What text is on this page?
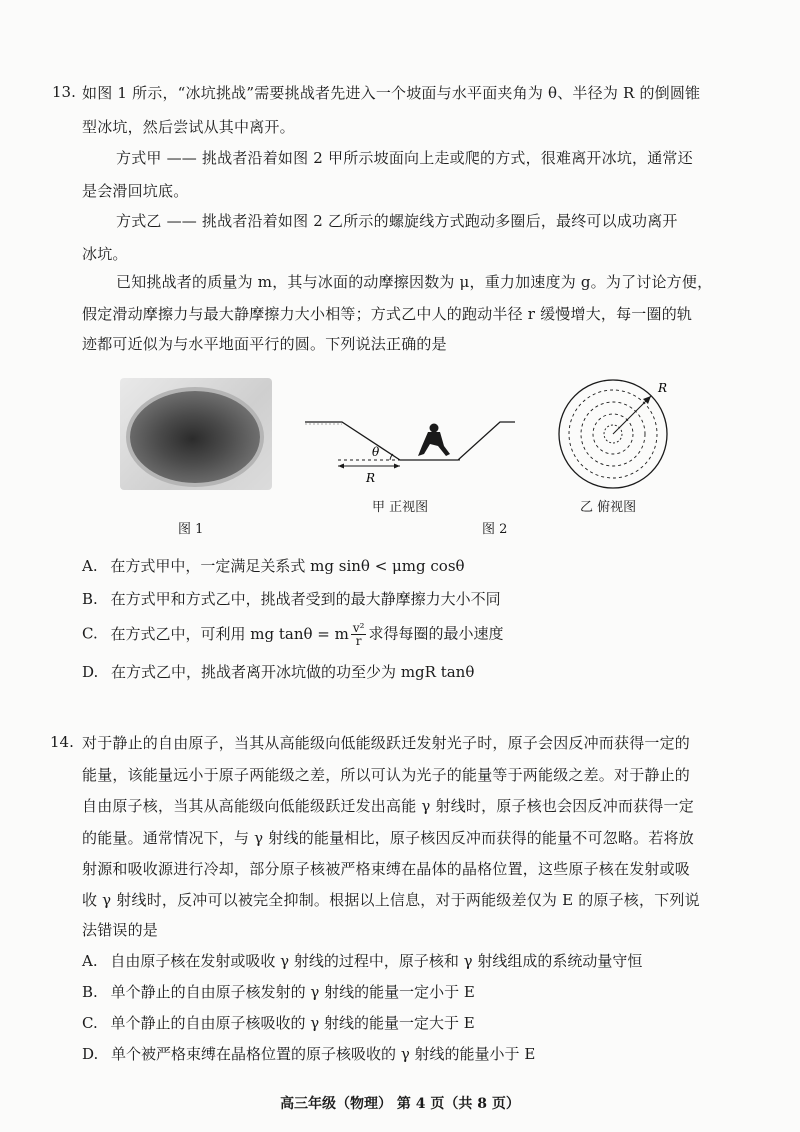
13. 如图 1 所示，“冰坑挑战”需要挑战者先进入一个坡面与水平面夹角为 θ、半径为 R 的倒圆锥
型冰坑，然后尝试从其中离开。
方式甲 —— 挑战者沿着如图 2 甲所示坡面向上走或爬的方式，很难离开冰坑，通常还
是会滑回坑底。
方式乙 —— 挑战者沿着如图 2 乙所示的螺旋线方式跑动多圈后，最终可以成功离开
冰坑。
已知挑战者的质量为 m，其与冰面的动摩擦因数为 μ，重力加速度为 g。为了讨论方便，
假定滑动摩擦力与最大静摩擦力大小相等；方式乙中人的跑动半径 r 缓慢增大，每一圈的轨
迹都可近似为与水平地面平行的圆。下列说法正确的是
图 1
θ
R
甲 正视图
图 2
R
乙 俯视图
A. 在方式甲中，一定满足关系式 mg sinθ < μmg cosθ
B. 在方式甲和方式乙中，挑战者受到的最大静摩擦力大小不同
C. 在方式乙中，可利用 mg tanθ = m $\frac{\text{v²}}{r}$ 求得每圈的最小速度
D. 在方式乙中，挑战者离开冰坑做的功至少为 mgR tanθ
14. 对于静止的自由原子，当其从高能级向低能级跃迁发射光子时，原子会因反冲而获得一定的
能量，该能量远小于原子两能级之差，所以可认为光子的能量等于两能级之差。对于静止的
自由原子核，当其从高能级向低能级跃迁发出高能 γ 射线时，原子核也会因反冲而获得一定
的能量。通常情况下，与 γ 射线的能量相比，原子核因反冲而获得的能量不可忽略。若将放
射源和吸收源进行冷却，部分原子核被严格束缚在晶体的晶格位置，这些原子核在发射或吸
收 γ 射线时，反冲可以被完全抑制。根据以上信息，对于两能级差仅为 E 的原子核，下列说
法错误的是
A. 自由原子核在发射或吸收 γ 射线的过程中，原子核和 γ 射线组成的系统动量守恒
B. 单个静止的自由原子核发射的 γ 射线的能量一定小于 E
C. 单个静止的自由原子核吸收的 γ 射线的能量一定大于 E
D. 单个被严格束缚在晶格位置的原子核吸收的 γ 射线的能量小于 E
高三年级（物理） 第 4 页（共 8 页）
